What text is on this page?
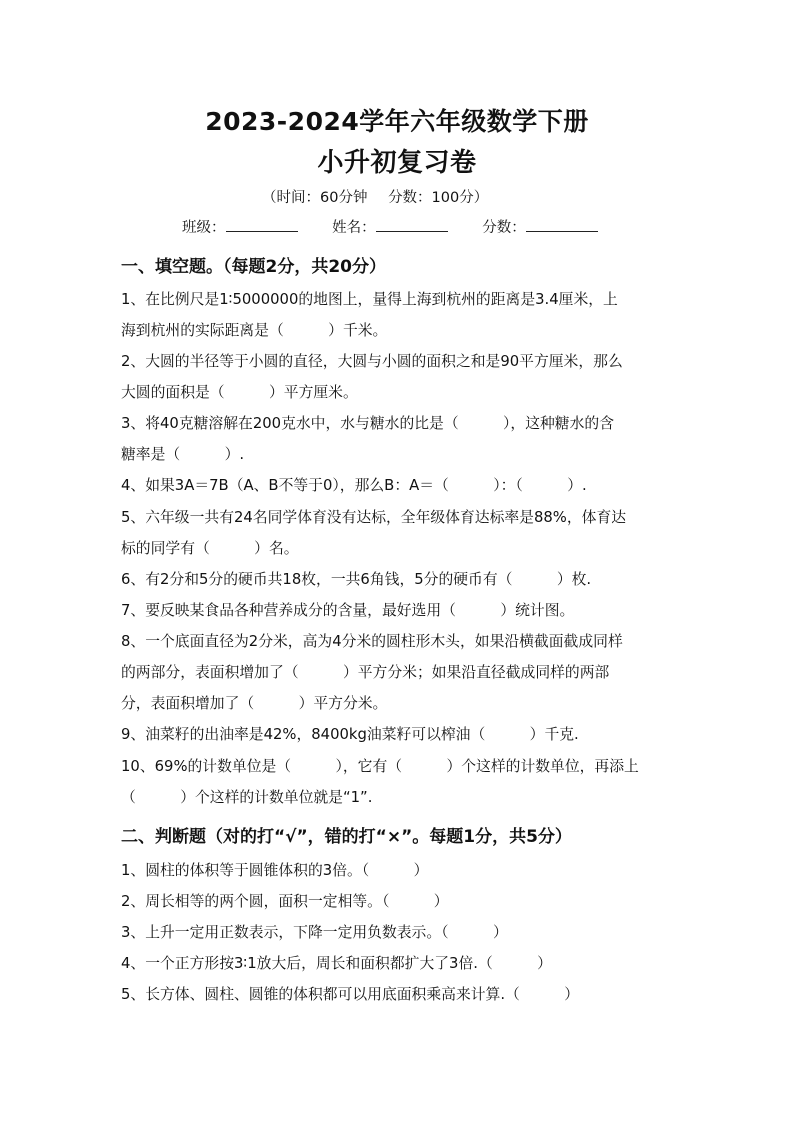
2023-2024学年六年级数学下册
小升初复习卷
（时间：60分钟 分数：100分）
班级：	姓名：	分数：
一、填空题。（每题2分，共20分）
1、在比例尺是1∶5000000的地图上，量得上海到杭州的距离是3.4厘米，上
海到杭州的实际距离是（　　　）千米。
2、大圆的半径等于小圆的直径，大圆与小圆的面积之和是90平方厘米，那么
大圆的面积是（　　　）平方厘米。
3、将40克糖溶解在200克水中，水与糖水的比是（　　　），这种糖水的含
糖率是（　　　）.
4、如果3A＝7B（A、B不等于0），那么B：A＝（　　　）：（　　　）.
5、六年级一共有24名同学体育没有达标，全年级体育达标率是88%，体育达
标的同学有（　　　）名。
6、有2分和5分的硬币共18枚，一共6角钱，5分的硬币有（　　　）枚.
7、要反映某食品各种营养成分的含量，最好选用（　　　）统计图。
8、一个底面直径为2分米，高为4分米的圆柱形木头，如果沿横截面截成同样
的两部分，表面积增加了（　　　）平方分米；如果沿直径截成同样的两部
分，表面积增加了（　　　）平方分米。
9、油菜籽的出油率是42%，8400kg油菜籽可以榨油（　　　）千克.
10、69%的计数单位是（　　　），它有（　　　）个这样的计数单位，再添上
（　　　）个这样的计数单位就是“1”.
二、判断题（对的打“√”，错的打“×”。每题1分，共5分）
1、圆柱的体积等于圆锥体积的3倍。（　　　）
2、周长相等的两个圆，面积一定相等。（　　　）
3、上升一定用正数表示，下降一定用负数表示。（　　　）
4、一个正方形按3∶1放大后，周长和面积都扩大了3倍.（　　　）
5、长方体、圆柱、圆锥的体积都可以用底面积乘高来计算.（　　　）
